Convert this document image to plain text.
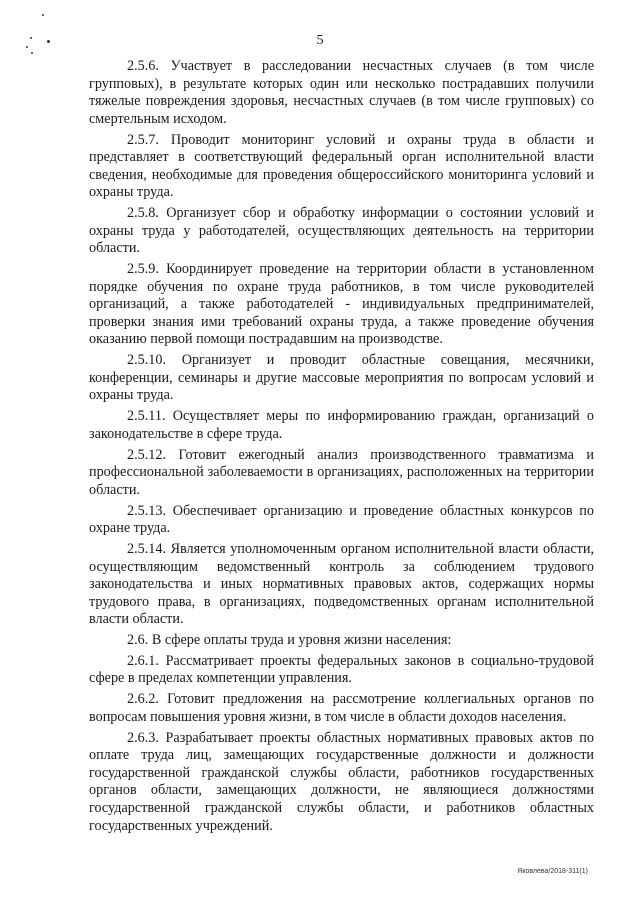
5

2.5.6. Участвует в расследовании несчастных случаев (в том числе групповых), в результате которых один или несколько пострадавших получили тяжелые повреждения здоровья, несчастных случаев (в том числе групповых) со смертельным исходом.

2.5.7. Проводит мониторинг условий и охраны труда в области и представляет в соответствующий федеральный орган исполнительной власти сведения, необходимые для проведения общероссийского мониторинга условий и охраны труда.

2.5.8. Организует сбор и обработку информации о состоянии условий и охраны труда у работодателей, осуществляющих деятельность на территории области.

2.5.9. Координирует проведение на территории области в установленном порядке обучения по охране труда работников, в том числе руководителей организаций, а также работодателей - индивидуальных предпринимателей, проверки знания ими требований охраны труда, а также проведение обучения оказанию первой помощи пострадавшим на производстве.

2.5.10. Организует и проводит областные совещания, месячники, конференции, семинары и другие массовые мероприятия по вопросам условий и охраны труда.

2.5.11. Осуществляет меры по информированию граждан, организаций о законодательстве в сфере труда.

2.5.12. Готовит ежегодный анализ производственного травматизма и профессиональной заболеваемости в организациях, расположенных на территории области.

2.5.13. Обеспечивает организацию и проведение областных конкурсов по охране труда.

2.5.14. Является уполномоченным органом исполнительной власти области, осуществляющим ведомственный контроль за соблюдением трудового законодательства и иных нормативных правовых актов, содержащих нормы трудового права, в организациях, подведомственных органам исполнительной власти области.

2.6. В сфере оплаты труда и уровня жизни населения:

2.6.1. Рассматривает проекты федеральных законов в социально-трудовой сфере в пределах компетенции управления.

2.6.2. Готовит предложения на рассмотрение коллегиальных органов по вопросам повышения уровня жизни, в том числе в области доходов населения.

2.6.3. Разрабатывает проекты областных нормативных правовых актов по оплате труда лиц, замещающих государственные должности и должности государственной гражданской службы области, работников государственных органов области, замещающих должности, не являющиеся должностями государственной гражданской службы области, и работников областных государственных учреждений.

Яковлева/2018-311(1)
